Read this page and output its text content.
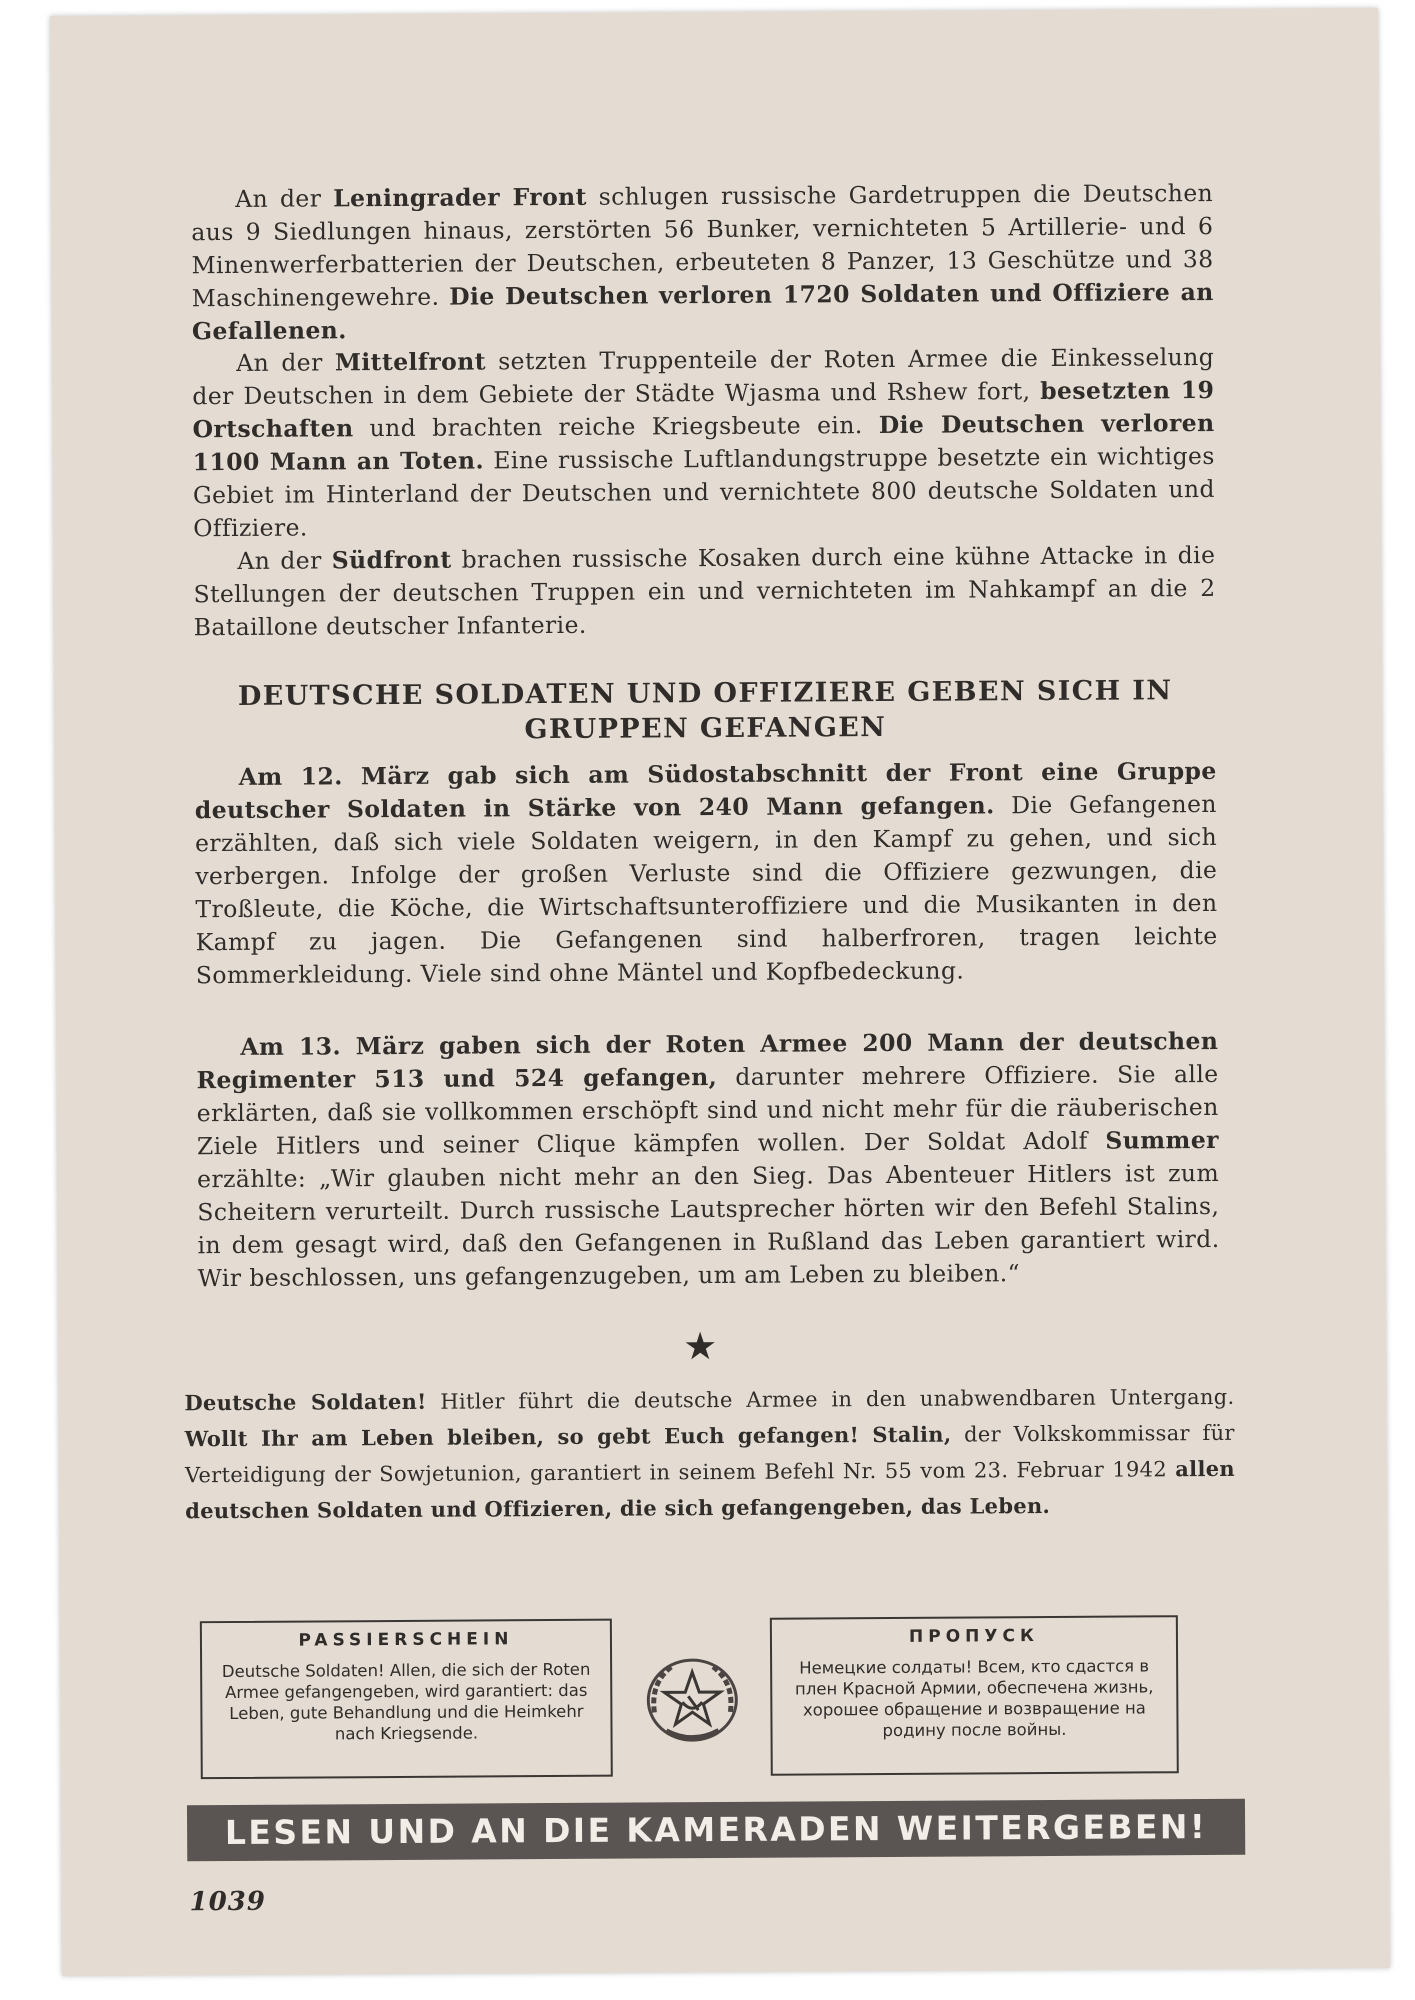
An der Leningrader Front schlugen russische Gardetruppen die Deutschen aus 9 Siedlungen hinaus, zerstörten 56 Bunker, vernichteten 5 Artillerie- und 6 Minenwerferbatterien der Deutschen, erbeuteten 8 Panzer, 13 Geschütze und 38 Maschinengewehre. Die Deutschen verloren 1720 Soldaten und Offiziere an Gefallenen.

An der Mittelfront setzten Truppenteile der Roten Armee die Einkesselung der Deutschen in dem Gebiete der Städte Wjasma und Rshew fort, besetzten 19 Ortschaften und brachten reiche Kriegsbeute ein. Die Deutschen verloren 1100 Mann an Toten. Eine russische Luftlandungstruppe besetzte ein wichtiges Gebiet im Hinterland der Deutschen und vernichtete 800 deutsche Soldaten und Offiziere.

An der Südfront brachen russische Kosaken durch eine kühne Attacke in die Stellungen der deutschen Truppen ein und vernichteten im Nahkampf an die 2 Bataillone deutscher Infanterie.

DEUTSCHE SOLDATEN UND OFFIZIERE GEBEN SICH IN GRUPPEN GEFANGEN

Am 12. März gab sich am Südostabschnitt der Front eine Gruppe deutscher Soldaten in Stärke von 240 Mann gefangen. Die Gefangenen erzählten, daß sich viele Soldaten weigern, in den Kampf zu gehen, und sich verbergen. Infolge der großen Verluste sind die Offiziere gezwungen, die Troßleute, die Köche, die Wirtschaftsunteroffiziere und die Musikanten in den Kampf zu jagen. Die Gefangenen sind halberfroren, tragen leichte Sommerkleidung. Viele sind ohne Mäntel und Kopfbedeckung.

Am 13. März gaben sich der Roten Armee 200 Mann der deutschen Regimenter 513 und 524 gefangen, darunter mehrere Offiziere. Sie alle erklärten, daß sie vollkommen erschöpft sind und nicht mehr für die räuberischen Ziele Hitlers und seiner Clique kämpfen wollen. Der Soldat Adolf Summer erzählte: „Wir glauben nicht mehr an den Sieg. Das Abenteuer Hitlers ist zum Scheitern verurteilt. Durch russische Lautsprecher hörten wir den Befehl Stalins, in dem gesagt wird, daß den Gefangenen in Rußland das Leben garantiert wird. Wir beschlossen, uns gefangenzugeben, um am Leben zu bleiben.“

★

Deutsche Soldaten! Hitler führt die deutsche Armee in den unabwendbaren Untergang. Wollt Ihr am Leben bleiben, so gebt Euch gefangen! Stalin, der Volkskommissar für Verteidigung der Sowjetunion, garantiert in seinem Befehl Nr. 55 vom 23. Februar 1942 allen deutschen Soldaten und Offizieren, die sich gefangengeben, das Leben.

PASSIERSCHEIN
Deutsche Soldaten! Allen, die sich der Roten Armee gefangengeben, wird garantiert: das Leben, gute Behandlung und die Heimkehr nach Kriegsende.
ПРОПУСК
Немецкие солдаты! Всем, кто сдастся в плен Красной Армии, обеспечена жизнь, хорошее обращение и возвращение на родину после войны.
LESEN UND AN DIE KAMERADEN WEITERGEBEN!
1039
